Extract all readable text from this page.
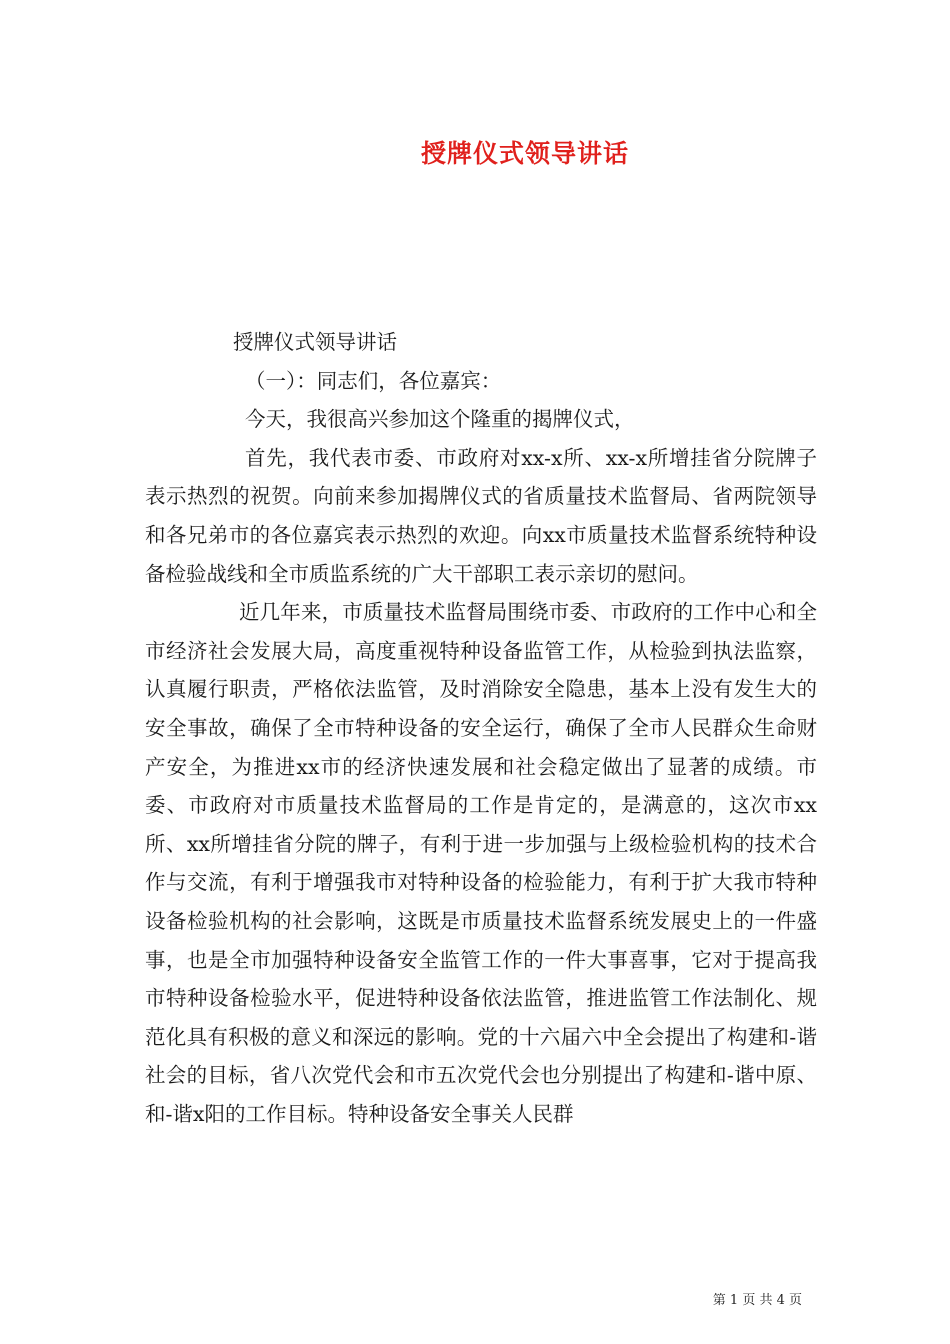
授牌仪式领导讲话

授牌仪式领导讲话

（一）：同志们，各位嘉宾：

今天，我很高兴参加这个隆重的揭牌仪式，

首先，我代表市委、市政府对xx-x所、xx-x所增挂省分院牌子表示热烈的祝贺。向前来参加揭牌仪式的省质量技术监督局、省两院领导和各兄弟市的各位嘉宾表示热烈的欢迎。向xx市质量技术监督系统特种设备检验战线和全市质监系统的广大干部职工表示亲切的慰问。

近几年来，市质量技术监督局围绕市委、市政府的工作中心和全市经济社会发展大局，高度重视特种设备监管工作，从检验到执法监察，认真履行职责，严格依法监管，及时消除安全隐患，基本上没有发生大的安全事故，确保了全市特种设备的安全运行，确保了全市人民群众生命财产安全，为推进xx市的经济快速发展和社会稳定做出了显著的成绩。市委、市政府对市质量技术监督局的工作是肯定的，是满意的，这次市xx所、xx所增挂省分院的牌子，有利于进一步加强与上级检验机构的技术合作与交流，有利于增强我市对特种设备的检验能力，有利于扩大我市特种设备检验机构的社会影响，这既是市质量技术监督系统发展史上的一件盛事，也是全市加强特种设备安全监管工作的一件大事喜事，它对于提高我市特种设备检验水平，促进特种设备依法监管，推进监管工作法制化、规范化具有积极的意义和深远的影响。党的十六届六中全会提出了构建和-谐社会的目标，省八次党代会和市五次党代会也分别提出了构建和-谐中原、和-谐x阳的工作目标。特种设备安全事关人民群

第 1 页 共 4 页
